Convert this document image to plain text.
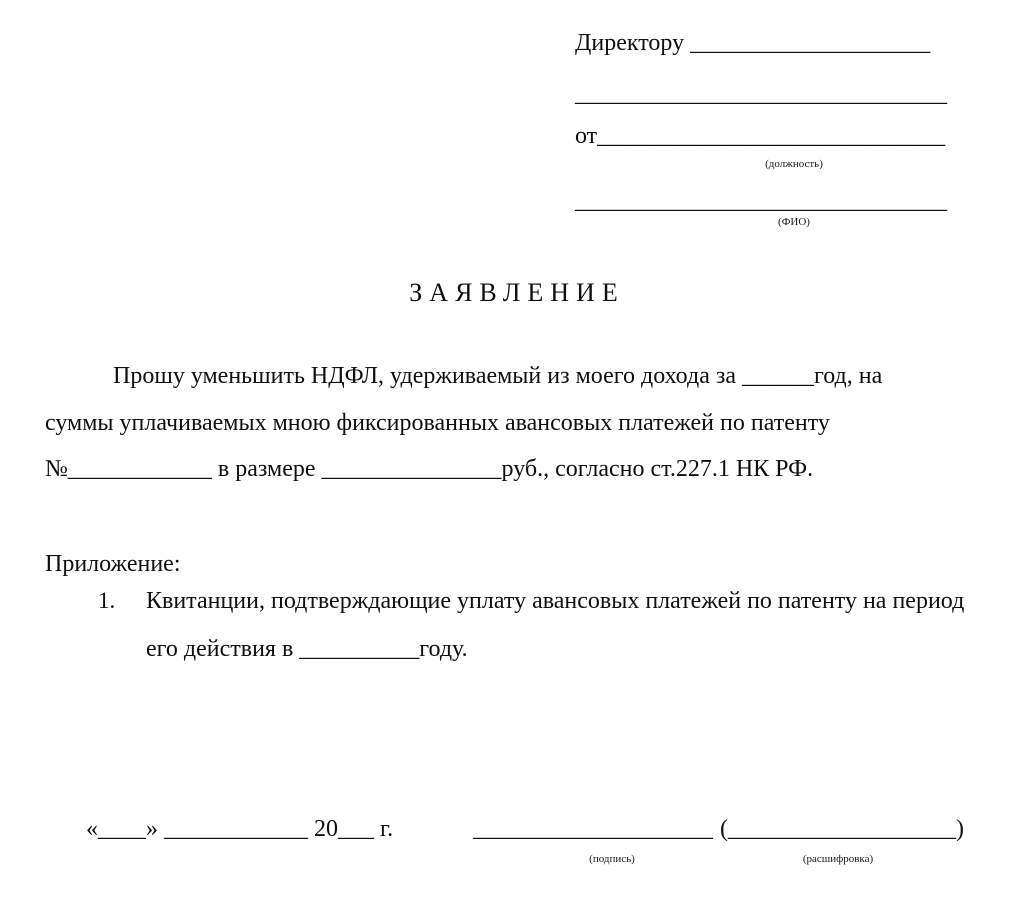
Директору ____________________
_______________________________
от_____________________________
(должность)
_______________________________
(ФИО)
ЗАЯВЛЕНИЕ
Прошу уменьшить НДФЛ, удерживаемый из моего дохода за ______год, на
суммы уплачиваемых мною фиксированных авансовых платежей по патенту
№____________ в размере _______________руб., согласно ст.227.1 НК РФ.
Приложение:
1. Квитанции, подтверждающие уплату авансовых платежей по патенту на период
его действия в __________году.
«____» ____________ 20___ г.	____________________ (___________________)
(подпись)	(расшифровка)
